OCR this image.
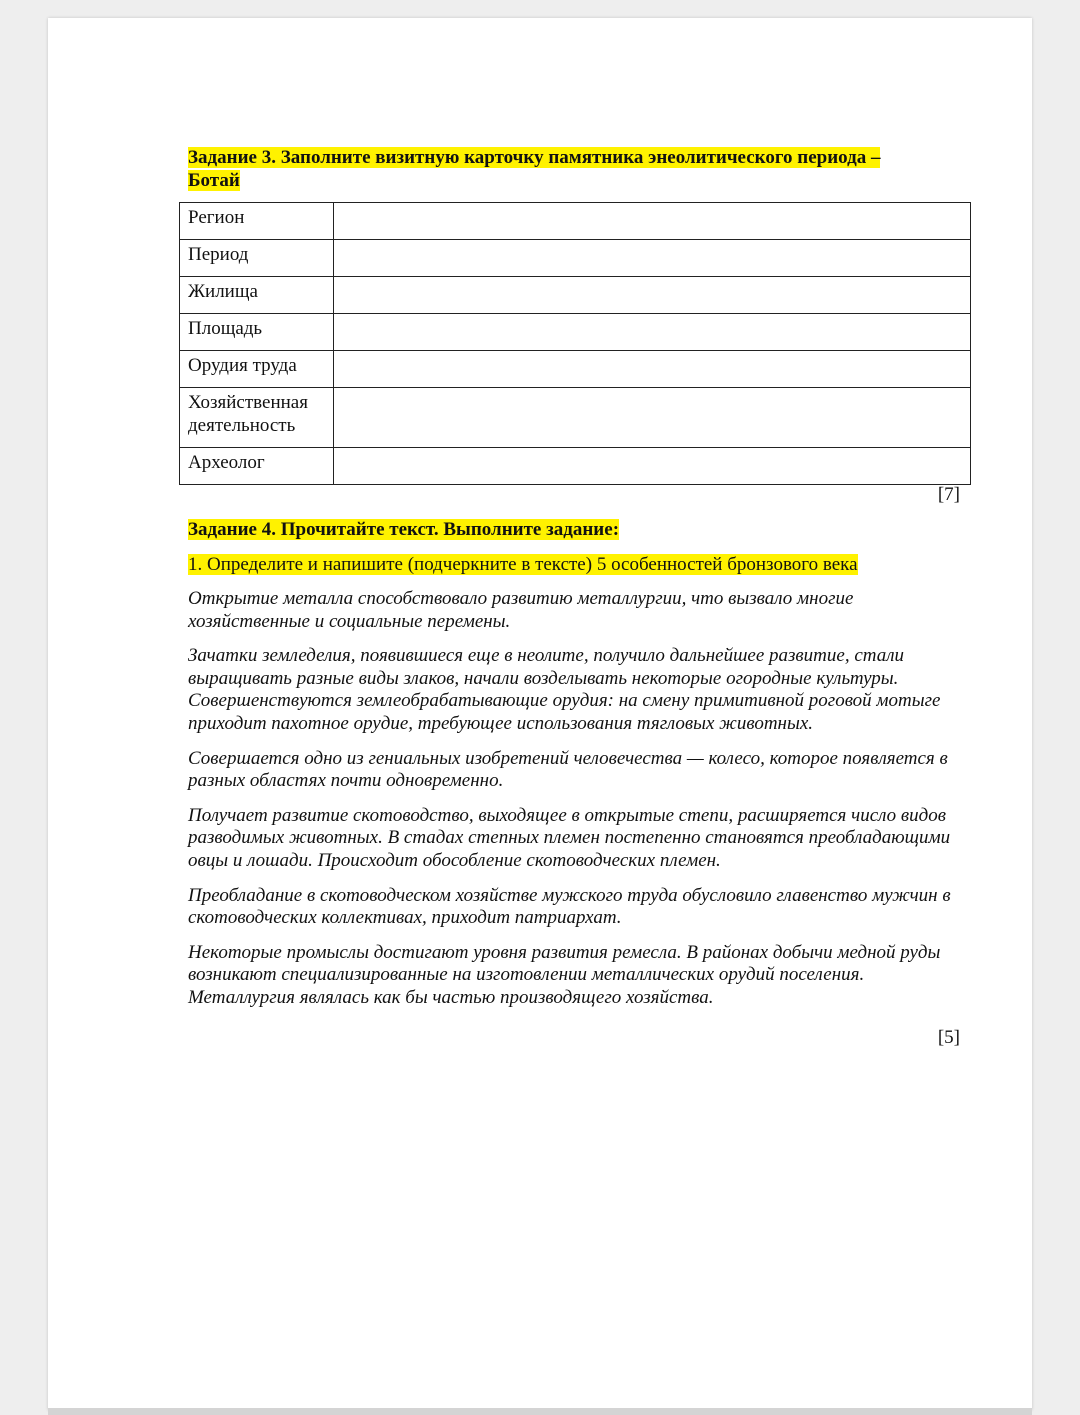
Задание 3. Заполните визитную карточку памятника энеолитического периода –
Ботай
Регион	
Период	
Жилища	
Площадь	
Орудия труда	
Хозяйственная
деятельность	
Археолог	
[7]
Задание 4. Прочитайте текст. Выполните задание:
1. Определите и напишите (подчеркните в тексте) 5 особенностей бронзового века

Открытие металла способствовало развитию металлургии, что вызвало многие хозяйственные и социальные перемены.

Зачатки земледелия, появившиеся еще в неолите, получило дальнейшее развитие, стали выращивать разные виды злаков, начали возделывать некоторые огородные культуры. Совершенствуются землеобрабатывающие орудия: на смену примитивной роговой мотыге приходит пахотное орудие, требующее использования тягловых животных.

Совершается одно из гениальных изобретений человечества — колесо, которое появляется в разных областях почти одновременно.

Получает развитие скотоводство, выходящее в открытые степи, расширяется число видов разводимых животных. В стадах степных племен постепенно становятся преобладающими овцы и лошади. Происходит обособление скотоводческих племен.

Преобладание в скотоводческом хозяйстве мужского труда обусловило главенство мужчин в скотоводческих коллективах, приходит патриархат.

Некоторые промыслы достигают уровня развития ремесла. В районах добычи медной руды возникают специализированные на изготовлении металлических орудий поселения. Металлургия являлась как бы частью производящего хозяйства.

[5]
